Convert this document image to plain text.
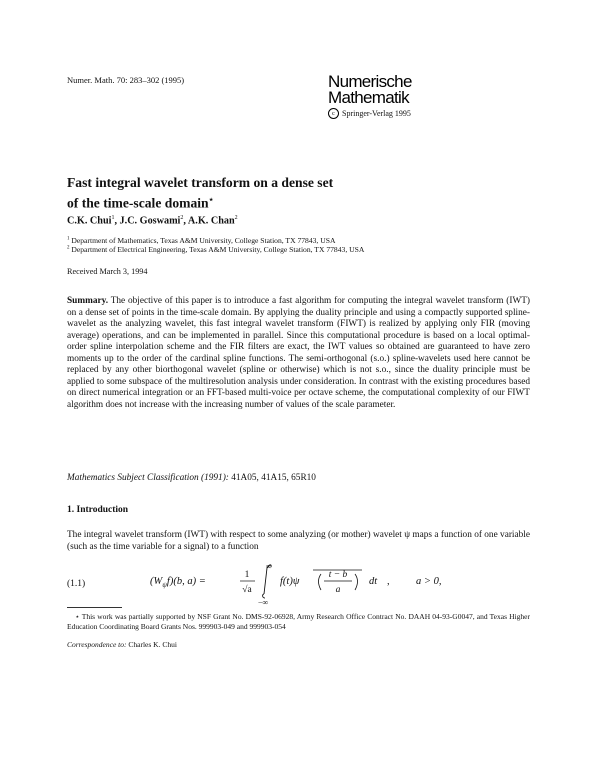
Numer. Math. 70: 283–302 (1995)	Numerische
Mathematik
c Springer-Verlag 1995
Fast integral wavelet transform on a dense set
of the time-scale domain⋆
C.K. Chui$^1$, J.C. Goswami$^2$, A.K. Chan$^2$
$^1$ Department of Mathematics, Texas A&M University, College Station, TX 77843, USA
$^2$ Department of Electrical Engineering, Texas A&M University, College Station, TX 77843, USA
Received March 3, 1994
Summary. The objective of this paper is to introduce a fast algorithm for computing the integral wavelet transform (IWT) on a dense set of points in the time-scale domain. By applying the duality principle and using a compactly supported spline-wavelet as the analyzing wavelet, this fast integral wavelet transform (FIWT) is realized by applying only FIR (moving average) operations, and can be implemented in parallel. Since this computational procedure is based on a local optimal-order spline interpolation scheme and the FIR filters are exact, the IWT values so obtained are guaranteed to have zero moments up to the order of the cardinal spline functions. The semi-orthogonal (s.o.) spline-wavelets used here cannot be replaced by any other biorthogonal wavelet (spline or otherwise) which is not s.o., since the duality principle must be applied to some subspace of the multiresolution analysis under consideration. In contrast with the existing procedures based on direct numerical integration or an FFT-based multi-voice per octave scheme, the computational complexity of our FIWT algorithm does not increase with the increasing number of values of the scale parameter.
Mathematics Subject Classification (1991): 41A05, 41A15, 65R10
1. Introduction
The integral wavelet transform (IWT) with respect to some analyzing (or mother) wavelet ψ maps a function of one variable (such as the time variable for a signal) to a function
(1.1)	$(W_\psi f)(b$, a) =
1
√a
∞
−∞
f(t)ψ
t − b
a
dt ,	a > 0,
⋆ This work was partially supported by NSF Grant No. DMS-92-06928, Army Research Office Contract No. DAAH 04-93-G0047, and Texas Higher Education Coordinating Board Grants Nos. 999903-049 and 999903-054
Correspondence to: Charles K. Chui
